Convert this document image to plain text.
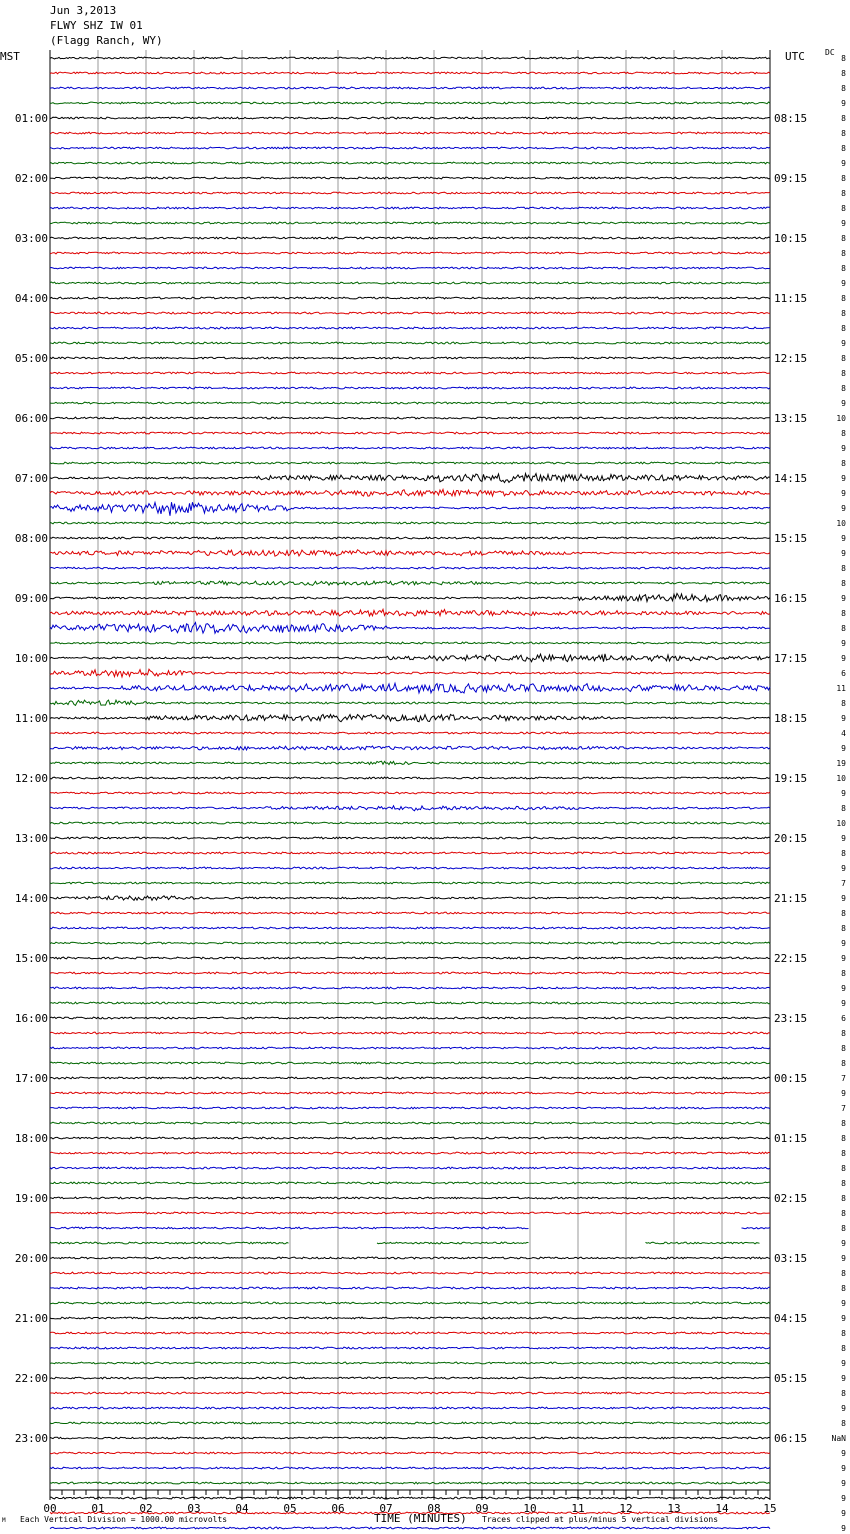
Jun 3,2013
FLWY SHZ IW 01
(Flagg Ranch, WY)
MST	UTC	DC
00	01	02	03	04	05	06	07	08	09	10	11	12	13	14	15
8
8
8
9
8
8
8
9
8
8
8
9
8
8
8
9
8
8
8
9
8
8
8
9
10
8
9
8
9
9
9
10
9
9
8
8
9
8
8
9
9
6
11
8
9
4
9
19
10
9
8
10
9
8
9
7
9
8
8
9
9
8
9
9
6
8
8
8
7
9
7
8
8
8
8
8
8
8
8
9
9
8
8
9
9
8
8
9
9
8
9
8
NaN
9
9
9
9
9
9
01:00
02:00
03:00
04:00
05:00
06:00
07:00
08:00
09:00
10:00
11:00
12:00
13:00
14:00
15:00
16:00
17:00
18:00
19:00
20:00
21:00
22:00
23:00
08:15
09:15
10:15
11:15
12:15
13:15
14:15
15:15
16:15
17:15
18:15
19:15
20:15
21:15
22:15
23:15
00:15
01:15
02:15
03:15
04:15
05:15
06:15
M Each Vertical Division = 1000.00 microvolts	TIME (MINUTES) Traces clipped at plus/minus 5 vertical divisions
